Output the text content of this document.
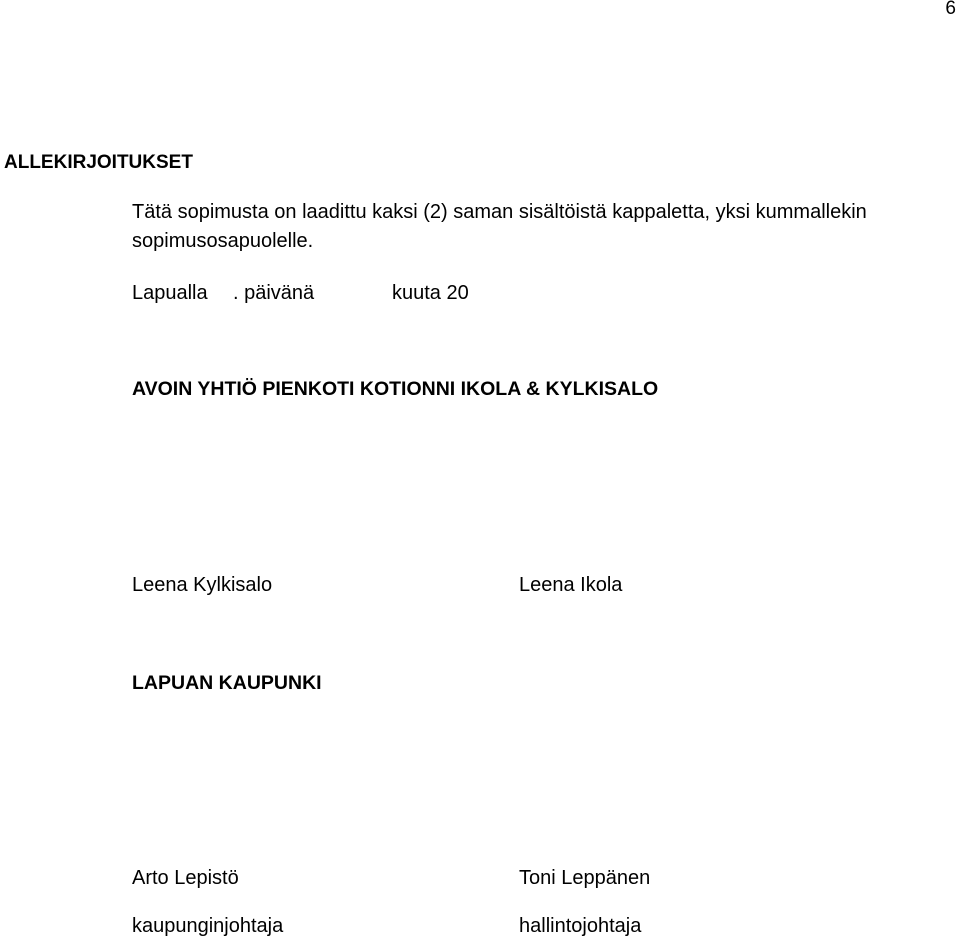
6

ALLEKIRJOITUKSET

Tätä sopimusta on laadittu kaksi (2) saman sisältöistä kappaletta, yksi kummallekin

sopimusosapuolelle.

Lapualla . päivänä	kuuta 20

AVOIN YHTIÖ PIENKOTI KOTIONNI IKOLA & KYLKISALO

Leena Kylkisalo	Leena Ikola

LAPUAN KAUPUNKI

Arto Lepistö	Toni Leppänen

kaupunginjohtaja	hallintojohtaja
